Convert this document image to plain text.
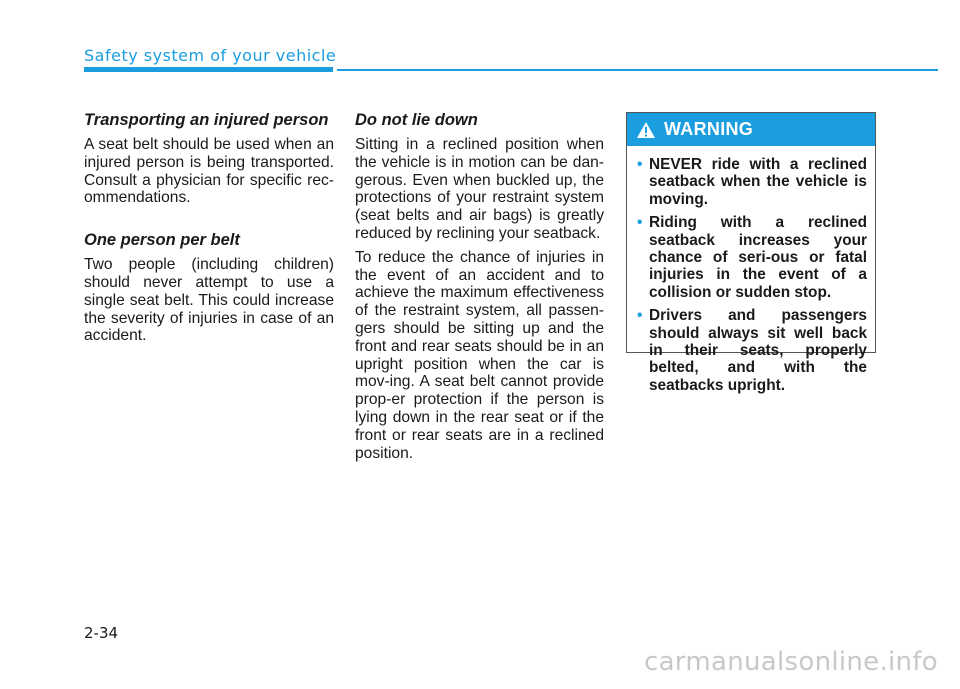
Safety system of your vehicle
Transporting an injured person

A seat belt should be used when an injured person is being transported. Consult a physician for specific rec-ommendations.

One person per belt

Two people (including children) should never attempt to use a single seat belt. This could increase the severity of injuries in case of an accident.

Do not lie down

Sitting in a reclined position when the vehicle is in motion can be dan-gerous. Even when buckled up, the protections of your restraint system (seat belts and air bags) is greatly reduced by reclining your seatback.

To reduce the chance of injuries in the event of an accident and to achieve the maximum effectiveness of the restraint system, all passen-gers should be sitting up and the front and rear seats should be in an upright position when the car is mov-ing. A seat belt cannot provide prop-er protection if the person is lying down in the rear seat or if the front or rear seats are in a reclined position.

WARNING
• NEVER ride with a reclined seatback when the vehicle is moving.
• Riding with a reclined seatback increases your chance of seri-ous or fatal injuries in the event of a collision or sudden stop.
• Drivers and passengers should always sit well back in their seats, properly belted, and with the seatbacks upright.
2-34
carmanualsonline.info
